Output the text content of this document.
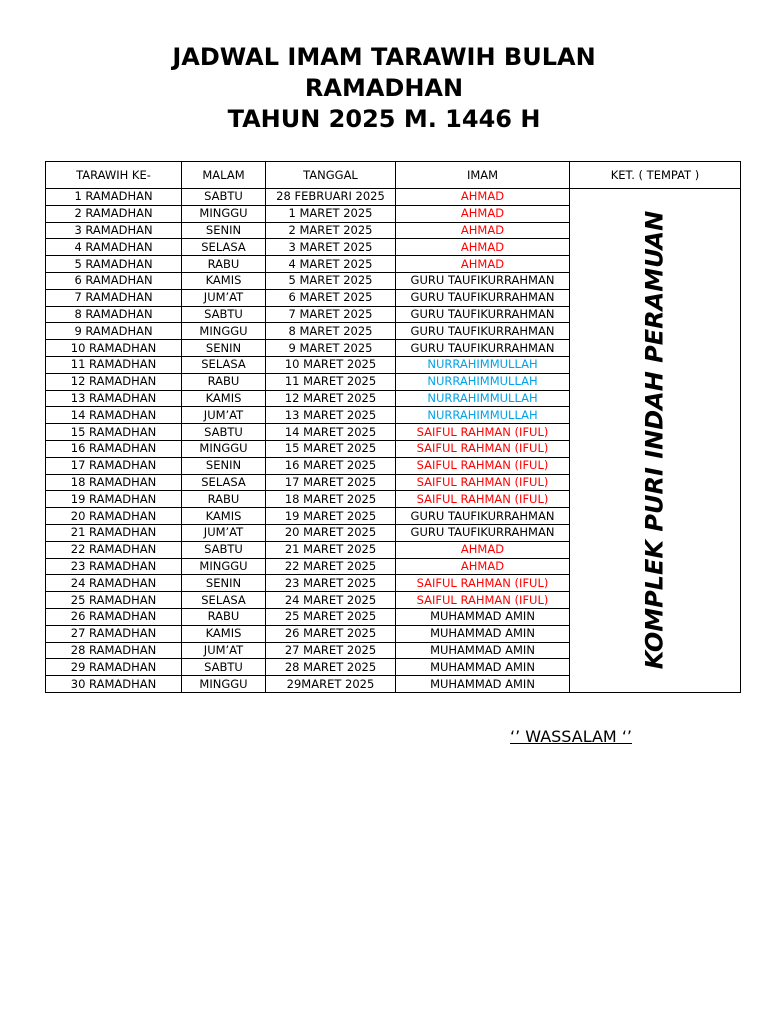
JADWAL IMAM TARAWIH BULAN
RAMADHAN
TAHUN 2025 M. 1446 H
TARAWIH KE-	MALAM	TANGGAL	IMAM	KET. ( TEMPAT )
1 RAMADHAN	SABTU	28 FEBRUARI 2025	AHMAD	KOMPLEK PURI INDAH PERAMUAN

2 RAMADHAN	MINGGU	1 MARET 2025	AHMAD	
3 RAMADHAN	SENIN	2 MARET 2025	AHMAD	
4 RAMADHAN	SELASA	3 MARET 2025	AHMAD	
5 RAMADHAN	RABU	4 MARET 2025	AHMAD	
6 RAMADHAN	KAMIS	5 MARET 2025	GURU TAUFIKURRAHMAN	
7 RAMADHAN	JUM’AT	6 MARET 2025	GURU TAUFIKURRAHMAN	
8 RAMADHAN	SABTU	7 MARET 2025	GURU TAUFIKURRAHMAN	
9 RAMADHAN	MINGGU	8 MARET 2025	GURU TAUFIKURRAHMAN	
10 RAMADHAN	SENIN	9 MARET 2025	GURU TAUFIKURRAHMAN	
11 RAMADHAN	SELASA	10 MARET 2025	NURRAHIMMULLAH	
12 RAMADHAN	RABU	11 MARET 2025	NURRAHIMMULLAH	
13 RAMADHAN	KAMIS	12 MARET 2025	NURRAHIMMULLAH	
14 RAMADHAN	JUM’AT	13 MARET 2025	NURRAHIMMULLAH	
15 RAMADHAN	SABTU	14 MARET 2025	SAIFUL RAHMAN (IFUL)	
16 RAMADHAN	MINGGU	15 MARET 2025	SAIFUL RAHMAN (IFUL)	
17 RAMADHAN	SENIN	16 MARET 2025	SAIFUL RAHMAN (IFUL)	
18 RAMADHAN	SELASA	17 MARET 2025	SAIFUL RAHMAN (IFUL)	
19 RAMADHAN	RABU	18 MARET 2025	SAIFUL RAHMAN (IFUL)	
20 RAMADHAN	KAMIS	19 MARET 2025	GURU TAUFIKURRAHMAN	
21 RAMADHAN	JUM’AT	20 MARET 2025	GURU TAUFIKURRAHMAN	
22 RAMADHAN	SABTU	21 MARET 2025	AHMAD	
23 RAMADHAN	MINGGU	22 MARET 2025	AHMAD	
24 RAMADHAN	SENIN	23 MARET 2025	SAIFUL RAHMAN (IFUL)	
25 RAMADHAN	SELASA	24 MARET 2025	SAIFUL RAHMAN (IFUL)	
26 RAMADHAN	RABU	25 MARET 2025	MUHAMMAD AMIN	
27 RAMADHAN	KAMIS	26 MARET 2025	MUHAMMAD AMIN	
28 RAMADHAN	JUM’AT	27 MARET 2025	MUHAMMAD AMIN	
29 RAMADHAN	SABTU	28 MARET 2025	MUHAMMAD AMIN	
30 RAMADHAN	MINGGU	29MARET 2025	MUHAMMAD AMIN	
‘’ WASSALAM ‘’
